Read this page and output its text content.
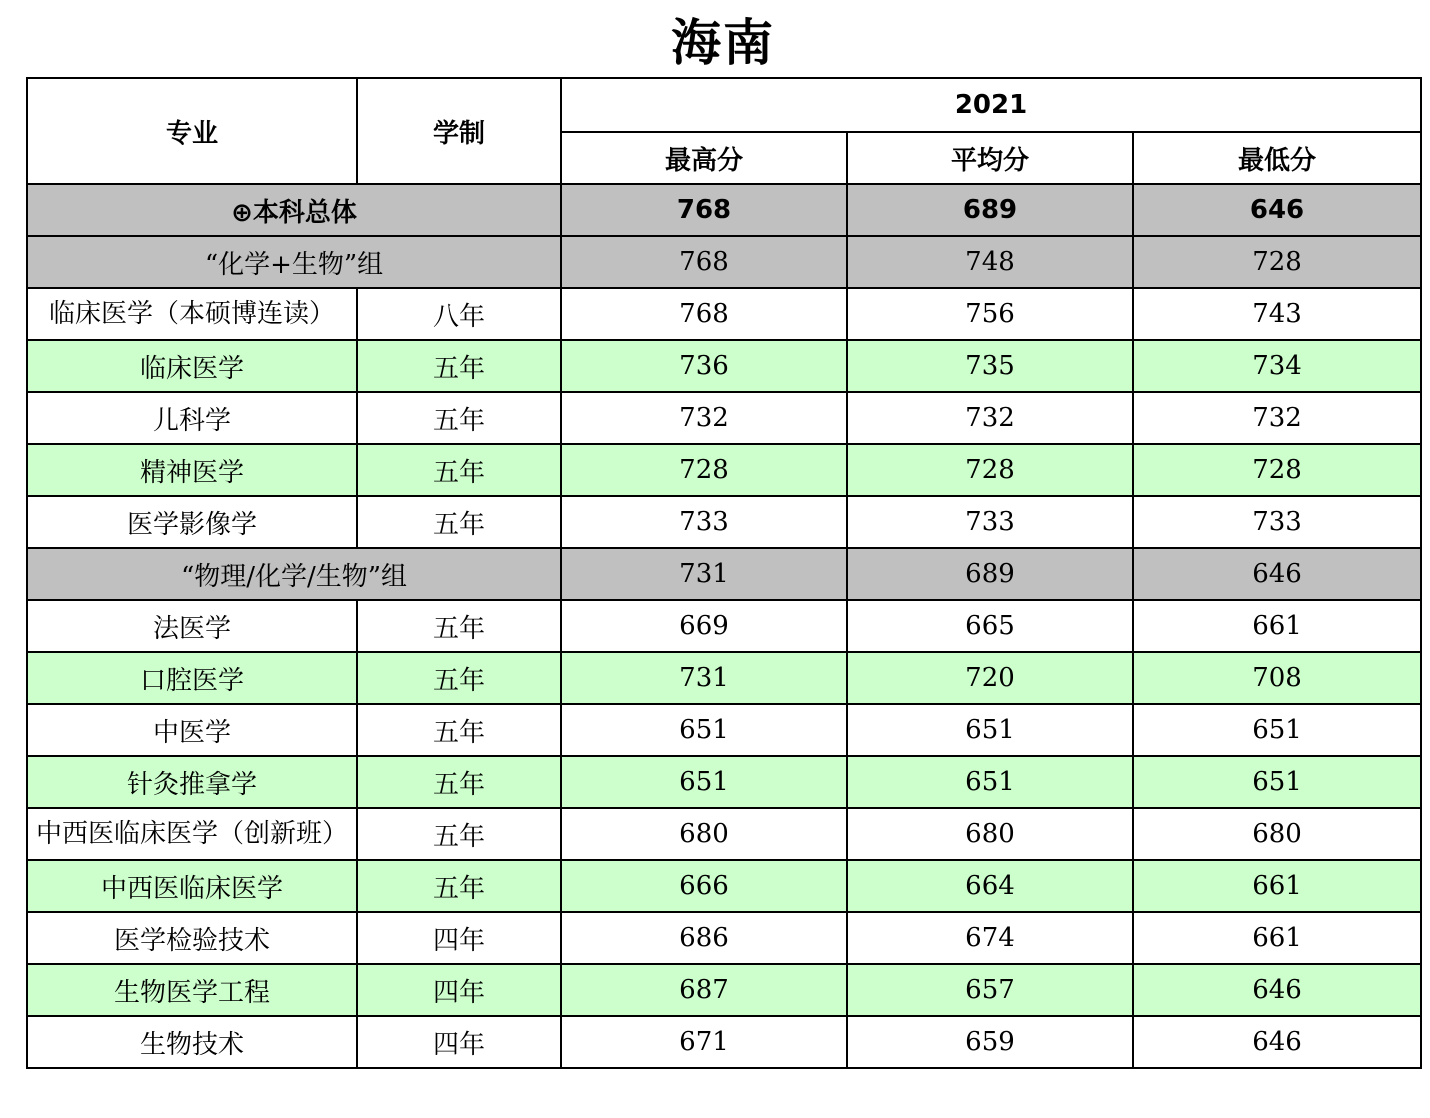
海南
专业	学制	2021		
		最高分	平均分	最低分
⊕本科总体		768	689	646
“化学+生物”组		768	748	728
临床医学（本硕博连读）	八年	768	756	743
临床医学	五年	736	735	734
儿科学	五年	732	732	732
精神医学	五年	728	728	728
医学影像学	五年	733	733	733
“物理/化学/生物”组		731	689	646
法医学	五年	669	665	661
口腔医学	五年	731	720	708
中医学	五年	651	651	651
针灸推拿学	五年	651	651	651
中西医临床医学（创新班）	五年	680	680	680
中西医临床医学	五年	666	664	661
医学检验技术	四年	686	674	661
生物医学工程	四年	687	657	646
生物技术	四年	671	659	646
